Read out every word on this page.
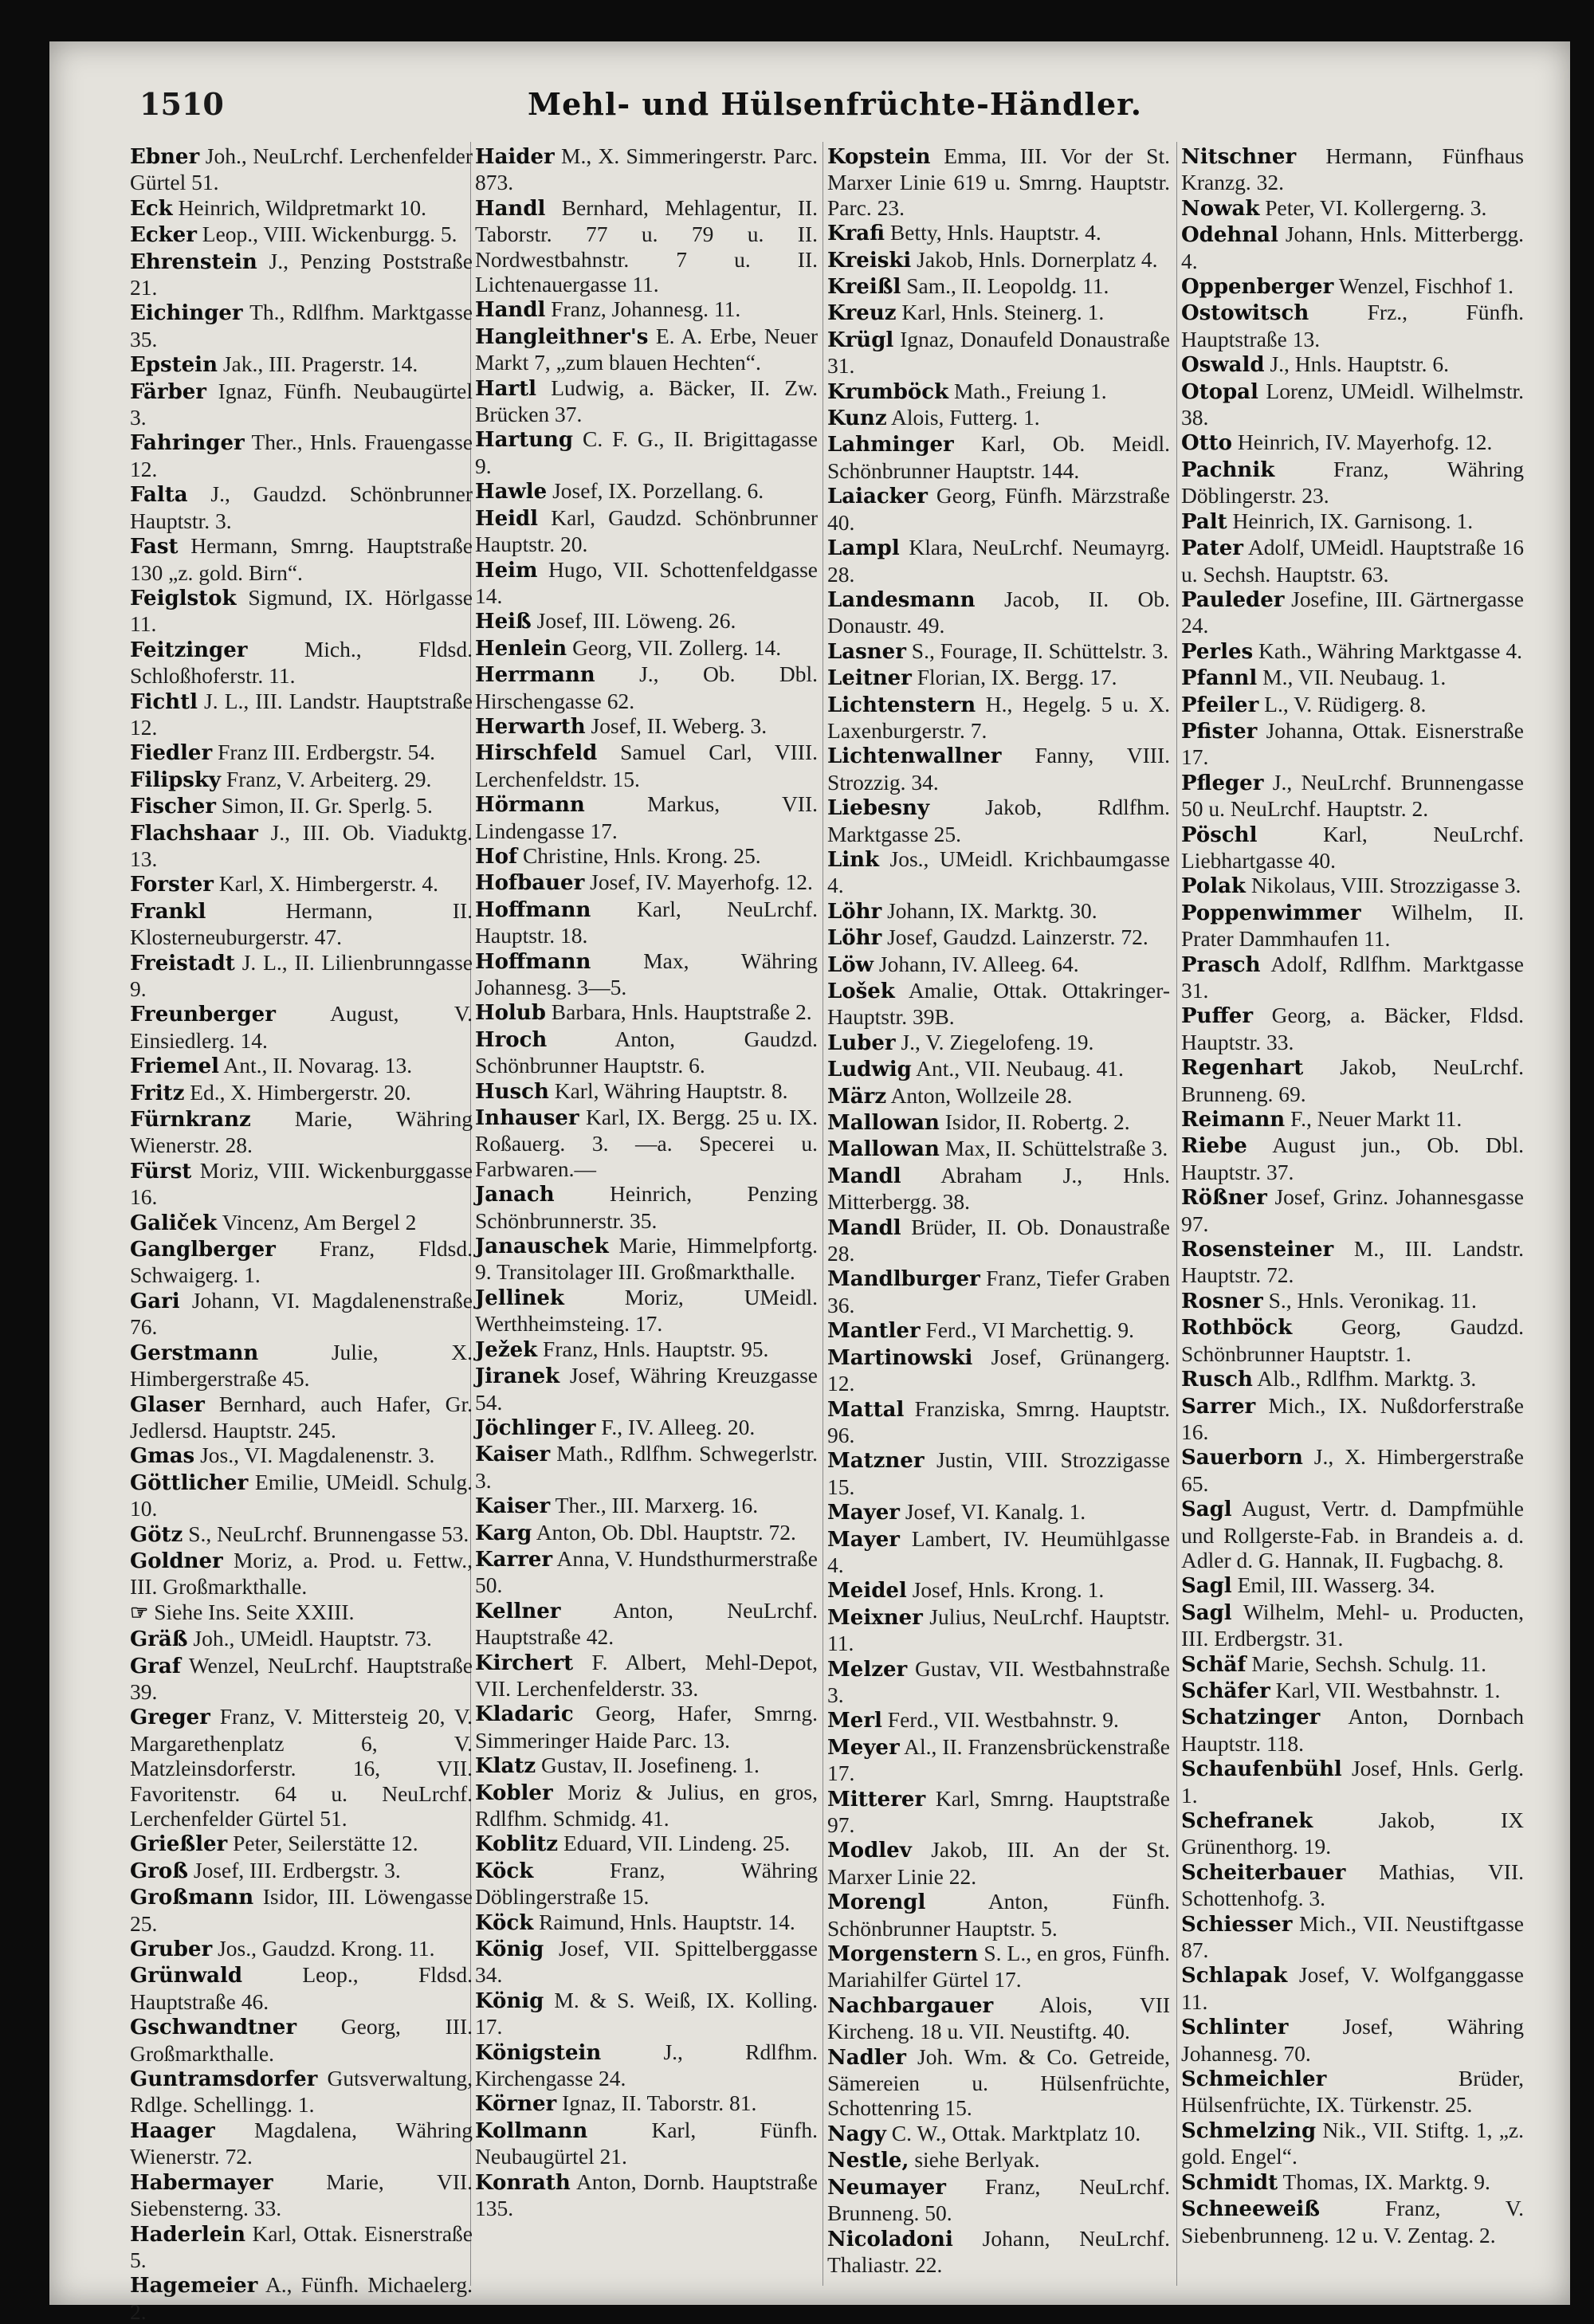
1510	Mehl- und Hülsenfrüchte-Händler.

Ebner Joh., NeuLrchf. Lerchenfelder Gürtel 51.

Eck Heinrich, Wildpretmarkt 10.

Ecker Leop., VIII. Wickenburgg. 5.

Ehrenstein J., Penzing Poststraße 21.

Eichinger Th., Rdlfhm. Marktgasse 35.

Epstein Jak., III. Pragerstr. 14.

Färber Ignaz, Fünfh. Neubaugürtel 3.

Fahringer Ther., Hnls. Frauengasse 12.

Falta J., Gaudzd. Schönbrunner Hauptstr. 3.

Fast Hermann, Smrng. Hauptstraße 130 „z. gold. Birn“.

Feiglstok Sigmund, IX. Hörlgasse 11.

Feitzinger	Mich., Fldsd. Schloßhoferstr. 11.

Fichtl J. L., III. Landstr. Hauptstraße 12.

Fiedler Franz III. Erdbergstr. 54.

Filipsky Franz, V. Arbeiterg. 29.

Fischer Simon, II. Gr. Sperlg. 5.

Flachshaar J., III. Ob. Viaduktg. 13.

Forster Karl, X. Himbergerstr. 4.

Frankl	Hermann, II. Klosterneuburgerstr. 47.

Freistadt J. L., II. Lilienbrunngasse 9.

Freunberger August, V. Einsiedlerg. 14.

Friemel Ant., II. Novarag. 13.

Fritz Ed., X. Himbergerstr. 20.

Fürnkranz Marie, Währing Wienerstr. 28.

Fürst Moriz, VIII. Wickenburggasse 16.

Galiček Vincenz, Am Bergel 2

Ganglberger Franz, Fldsd. Schwaigerg. 1.

Gari Johann, VI. Magdalenenstraße 76.

Gerstmann	Julie, X. Himbergerstraße 45.

Glaser Bernhard, auch Hafer, Gr. Jedlersd. Hauptstr. 245.

Gmas Jos., VI. Magdalenenstr. 3.

Göttlicher Emilie, UMeidl. Schulg. 10.

Götz S., NeuLrchf. Brunnengasse 53.

Goldner Moriz, a. Prod. u. Fettw., III. Großmarkthalle.

☞ Siehe Ins. Seite XXIII.

Gräß Joh., UMeidl. Hauptstr. 73.

Graf Wenzel, NeuLrchf. Hauptstraße 39.

Greger Franz, V. Mittersteig 20, V. Margarethenplatz 6, V. Matzleinsdorferstr. 16, VII. Favoritenstr. 64 u. NeuLrchf. Lerchenfelder Gürtel 51.

Grießler Peter, Seilerstätte 12.

Groß Josef, III. Erdbergstr. 3.

Großmann Isidor, III. Löwengasse 25.

Gruber Jos., Gaudzd. Krong. 11.

Grünwald	Leop., Fldsd. Hauptstraße 46.

Gschwandtner Georg, III. Großmarkthalle.

Guntramsdorfer Gutsverwaltung, Rdlge. Schellingg. 1.

Haager Magdalena, Währing Wienerstr. 72.

Habermayer Marie, VII. Siebensterng. 33.

Haderlein Karl, Ottak. Eisnerstraße 5.

Hagemeier A., Fünfh. Michaelerg. 2.

Haider M., X. Simmeringerstr. Parc. 873.

Handl Bernhard, Mehlagentur, II. Taborstr. 77 u. 79 u. II. Nordwestbahnstr. 7 u. II. Lichtenauergasse 11.

Handl Franz, Johannesg. 11.

Hangleithner's E. A. Erbe, Neuer Markt 7, „zum blauen Hechten“.

Hartl Ludwig, a. Bäcker, II. Zw. Brücken 37.

Hartung C. F. G., II. Brigittagasse 9.

Hawle Josef, IX. Porzellang. 6.

Heidl Karl, Gaudzd. Schönbrunner Hauptstr. 20.

Heim Hugo, VII. Schottenfeldgasse 14.

Heiß Josef, III. Löweng. 26.

Henlein Georg, VII. Zollerg. 14.

Herrmann J., Ob. Dbl. Hirschengasse 62.

Herwarth Josef, II. Weberg. 3.

Hirschfeld Samuel Carl, VIII. Lerchenfeldstr. 15.

Hörmann	Markus, VII. Lindengasse 17.

Hof Christine, Hnls. Krong. 25.

Hofbauer Josef, IV. Mayerhofg. 12.

Hoffmann Karl, NeuLrchf. Hauptstr. 18.

Hoffmann Max, Währing Johannesg. 3—5.

Holub Barbara, Hnls. Hauptstraße 2.

Hroch	Anton, Gaudzd. Schönbrunner Hauptstr. 6.

Husch Karl, Währing Hauptstr. 8.

Inhauser Karl, IX. Bergg. 25 u. IX. Roßauerg. 3. —a. Specerei u. Farbwaren.—

Janach	Heinrich, Penzing Schönbrunnerstr. 35.

Janauschek Marie, Himmelpfortg. 9. Transitolager III. Großmarkthalle.

Jellinek	Moriz, UMeidl. Werthheimsteing. 17.

Ježek Franz, Hnls. Hauptstr. 95.

Jiranek Josef, Währing Kreuzgasse 54.

Jöchlinger F., IV. Alleeg. 20.

Kaiser Math., Rdlfhm. Schwegerlstr. 3.

Kaiser Ther., III. Marxerg. 16.

Karg Anton, Ob. Dbl. Hauptstr. 72.

Karrer Anna, V. Hundsthurmerstraße 50.

Kellner Anton, NeuLrchf. Hauptstraße 42.

Kirchert F. Albert, Mehl-Depot, VII. Lerchenfelderstr. 33.

Kladaric Georg, Hafer, Smrng. Simmeringer Haide Parc. 13.

Klatz Gustav, II. Josefineng. 1.

Kobler Moriz & Julius, en gros, Rdlfhm. Schmidg. 41.

Koblitz Eduard, VII. Lindeng. 25.

Köck	Franz, Währing Döblingerstraße 15.

Köck Raimund, Hnls. Hauptstr. 14.

König Josef, VII. Spittelberggasse 34.

König M. & S. Weiß, IX. Kolling. 17.

Königstein	J., Rdlfhm. Kirchengasse 24.

Körner Ignaz, II. Taborstr. 81.

Kollmann	Karl, Fünfh. Neubaugürtel 21.

Konrath Anton, Dornb. Hauptstraße 135.

Kopstein Emma, III. Vor der St. Marxer Linie 619 u. Smrng. Hauptstr. Parc. 23.

Krafi Betty, Hnls. Hauptstr. 4.

Kreiski Jakob, Hnls. Dornerplatz 4.

Kreißl Sam., II. Leopoldg. 11.

Kreuz Karl, Hnls. Steinerg. 1.

Krügl Ignaz, Donaufeld Donaustraße 31.

Krumböck Math., Freiung 1.

Kunz Alois, Futterg. 1.

Lahminger Karl, Ob. Meidl. Schönbrunner Hauptstr. 144.

Laiacker Georg, Fünfh. Märzstraße 40.

Lampl Klara, NeuLrchf. Neumayrg. 28.

Landesmann Jacob, II. Ob. Donaustr. 49.

Lasner S., Fourage, II. Schüttelstr. 3.

Leitner Florian, IX. Bergg. 17.

Lichtenstern H., Hegelg. 5 u. X. Laxenburgerstr. 7.

Lichtenwallner Fanny, VIII. Strozzig. 34.

Liebesny	Jakob, Rdlfhm. Marktgasse 25.

Link Jos., UMeidl. Krichbaumgasse 4.

Löhr Johann, IX. Marktg. 30.

Löhr Josef, Gaudzd. Lainzerstr. 72.

Löw Johann, IV. Alleeg. 64.

Lošek Amalie, Ottak. Ottakringer-Hauptstr. 39B.

Luber J., V. Ziegelofeng. 19.

Ludwig Ant., VII. Neubaug. 41.

März Anton, Wollzeile 28.

Mallowan Isidor, II. Robertg. 2.

Mallowan Max, II. Schüttelstraße 3.

Mandl Abraham J., Hnls. Mitterbergg. 38.

Mandl Brüder, II. Ob. Donaustraße 28.

Mandlburger Franz, Tiefer Graben 36.

Mantler Ferd., VI Marchettig. 9.

Martinowski Josef, Grünangerg. 12.

Mattal Franziska, Smrng. Hauptstr. 96.

Matzner Justin, VIII. Strozzigasse 15.

Mayer Josef, VI. Kanalg. 1.

Mayer Lambert, IV. Heumühlgasse 4.

Meidel Josef, Hnls. Krong. 1.

Meixner Julius, NeuLrchf. Hauptstr. 11.

Melzer Gustav, VII. Westbahnstraße 3.

Merl Ferd., VII. Westbahnstr. 9.

Meyer Al., II. Franzensbrückenstraße 17.

Mitterer Karl, Smrng. Hauptstraße 97.

Modlev Jakob, III. An der St. Marxer Linie 22.

Morengl	Anton, Fünfh. Schönbrunner Hauptstr. 5.

Morgenstern S. L., en gros, Fünfh. Mariahilfer Gürtel 17.

Nachbargauer Alois, VII Kircheng. 18 u. VII. Neustiftg. 40.

Nadler Joh. Wm. & Co. Getreide, Sämereien u. Hülsenfrüchte, Schottenring 15.

Nagy C. W., Ottak. Marktplatz 10.

Nestle, siehe Berlyak.

Neumayer Franz, NeuLrchf. Brunneng. 50.

Nicoladoni Johann, NeuLrchf. Thaliastr. 22.

Nitschner Hermann, Fünfhaus Kranzg. 32.

Nowak Peter, VI. Kollergerng. 3.

Odehnal Johann, Hnls. Mitterbergg. 4.

Oppenberger Wenzel, Fischhof 1.

Ostowitsch	Frz., Fünfh. Hauptstraße 13.

Oswald J., Hnls. Hauptstr. 6.

Otopal Lorenz, UMeidl. Wilhelmstr. 38.

Otto Heinrich, IV. Mayerhofg. 12.

Pachnik	Franz, Währing Döblingerstr. 23.

Palt Heinrich, IX. Garnisong. 1.

Pater Adolf, UMeidl. Hauptstraße 16 u. Sechsh. Hauptstr. 63.

Pauleder Josefine, III. Gärtnergasse 24.

Perles Kath., Währing Marktgasse 4.

Pfannl M., VII. Neubaug. 1.

Pfeiler L., V. Rüdigerg. 8.

Pfister Johanna, Ottak. Eisnerstraße 17.

Pfleger J., NeuLrchf. Brunnengasse 50 u. NeuLrchf. Hauptstr. 2.

Pöschl	Karl, NeuLrchf. Liebhartgasse 40.

Polak Nikolaus, VIII. Strozzigasse 3.

Poppenwimmer Wilhelm, II. Prater Dammhaufen 11.

Prasch Adolf, Rdlfhm. Marktgasse 31.

Puffer Georg, a. Bäcker, Fldsd. Hauptstr. 33.

Regenhart Jakob, NeuLrchf. Brunneng. 69.

Reimann F., Neuer Markt 11.

Riebe August jun., Ob. Dbl. Hauptstr. 37.

Rößner Josef, Grinz. Johannesgasse 97.

Rosensteiner M., III. Landstr. Hauptstr. 72.

Rosner S., Hnls. Veronikag. 11.

Rothböck Georg, Gaudzd. Schönbrunner Hauptstr. 1.

Rusch Alb., Rdlfhm. Marktg. 3.

Sarrer Mich., IX. Nußdorferstraße 16.

Sauerborn J., X. Himbergerstraße 65.

Sagl August, Vertr. d. Dampfmühle und Rollgerste-Fab. in Brandeis a. d. Adler d. G. Hannak, II. Fugbachg. 8.

Sagl Emil, III. Wasserg. 34.

Sagl Wilhelm, Mehl- u. Producten, III. Erdbergstr. 31.

Schäf Marie, Sechsh. Schulg. 11.

Schäfer Karl, VII. Westbahnstr. 1.

Schatzinger Anton, Dornbach Hauptstr. 118.

Schaufenbühl Josef, Hnls. Gerlg. 1.

Schefranek	Jakob, IX Grünenthorg. 19.

Scheiterbauer Mathias, VII. Schottenhofg. 3.

Schiesser Mich., VII. Neustiftgasse 87.

Schlapak Josef, V. Wolfganggasse 11.

Schlinter Josef, Währing Johannesg. 70.

Schmeichler	Brüder, Hülsenfrüchte, IX. Türkenstr. 25.

Schmelzing Nik., VII. Stiftg. 1, „z. gold. Engel“.

Schmidt Thomas, IX. Marktg. 9.

Schneeweiß	Franz, V. Siebenbrunneng. 12 u. V. Zentag. 2.
